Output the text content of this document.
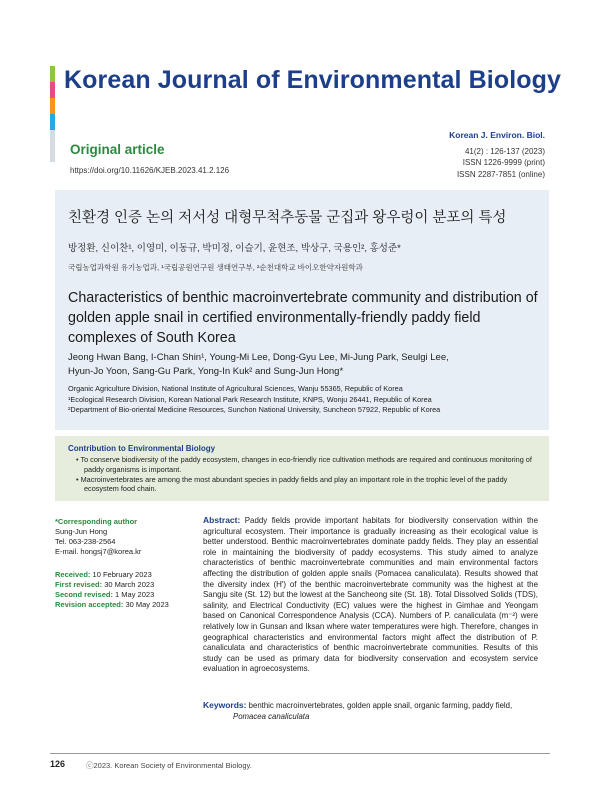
Korean Journal of Environmental Biology
Original article
https://doi.org/10.11626/KJEB.2023.41.2.126
Korean J. Environ. Biol.
41(2) : 126-137 (2023)
ISSN 1226-9999 (print)
ISSN 2287-7851 (online)
친환경 인증 논의 저서성 대형무척추동물 군집과 왕우렁이 분포의 특성
방정환, 신이찬¹, 이영미, 이동규, 박미정, 이슬기, 윤현조, 박상구, 국용인², 홍성준*
국립농업과학원 유기농업과, ¹국립공원연구원 생태연구부, ²순천대학교 바이오한약자원학과
Characteristics of benthic macroinvertebrate community and distribution of golden apple snail in certified environmentally-friendly paddy field complexes of South Korea
Jeong Hwan Bang, I-Chan Shin¹, Young-Mi Lee, Dong-Gyu Lee, Mi-Jung Park, Seulgi Lee,
Hyun-Jo Yoon, Sang-Gu Park, Yong-In Kuk² and Sung-Jun Hong*
Organic Agriculture Division, National Institute of Agricultural Sciences, Wanju 55365, Republic of Korea
¹Ecological Research Division, Korean National Park Research Institute, KNPS, Wonju 26441, Republic of Korea
²Department of Bio-oriental Medicine Resources, Sunchon National University, Suncheon 57922, Republic of Korea
Contribution to Environmental Biology
• To conserve biodiversity of the paddy ecosystem, changes in eco-friendly rice cultivation methods are required and continuous monitoring of paddy organisms is important.
• Macroinvertebrates are among the most abundant species in paddy fields and play an important role in the trophic level of the paddy ecosystem food chain.
*Corresponding author
Sung-Jun Hong
Tel. 063-238-2564
E-mail. hongsj7@korea.kr
Received: 10 February 2023
First revised: 30 March 2023
Second revised: 1 May 2023
Revision accepted: 30 May 2023
Abstract: Paddy fields provide important habitats for biodiversity conservation within the agricultural ecosystem. Their importance is gradually increasing as their ecological value is better understood. Benthic macroinvertebrates dominate paddy fields. They play an essential role in maintaining the biodiversity of paddy ecosystems. This study aimed to analyze characteristics of benthic macroinvertebrate communities and main environmental factors affecting the distribution of golden apple snails (Pomacea canaliculata). Results showed that the diversity index (H') of the benthic macroinvertebrate community was the highest at the Sangju site (St. 12) but the lowest at the Sancheong site (St. 18). Total Dissolved Solids (TDS), salinity, and Electrical Conductivity (EC) values were the highest in Gimhae and Yeongam based on Canonical Correspondence Analysis (CCA). Numbers of P. canaliculata (m⁻²) were relatively low in Gunsan and Iksan where water temperatures were high. Therefore, changes in geographical characteristics and environmental factors might affect the distribution of P. canaliculata and characteristics of benthic macroinvertebrate communities. Results of this study can be used as primary data for biodiversity conservation and ecosystem service evaluation in agroecosystems.
Keywords: benthic macroinvertebrates, golden apple snail, organic farming, paddy field,
Pomacea canaliculata
126	ⓒ2023. Korean Society of Environmental Biology.
